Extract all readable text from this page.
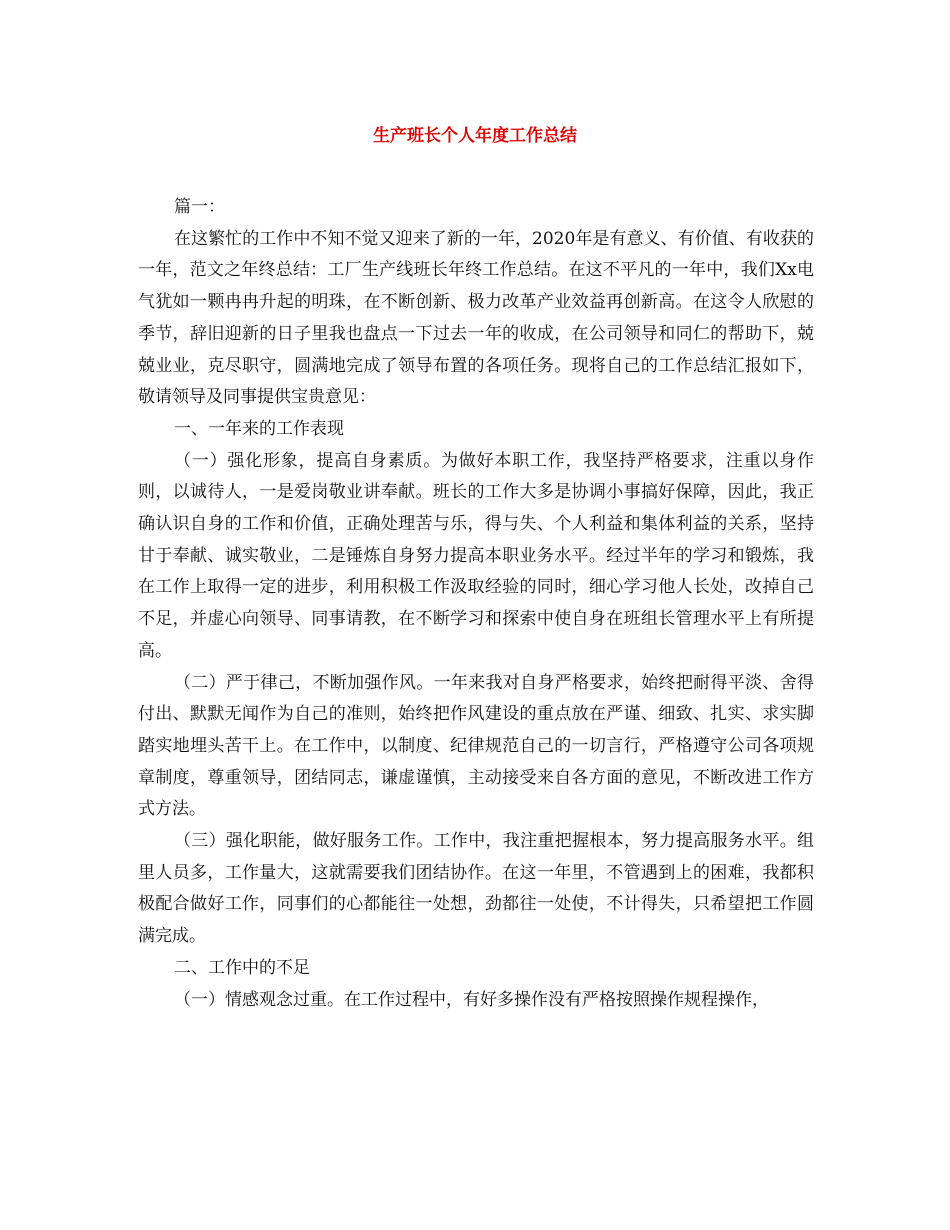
生产班长个人年度工作总结

篇一：

在这繁忙的工作中不知不觉又迎来了新的一年，2020年是有意义、有价值、有收获的一年，范文之年终总结：工厂生产线班长年终工作总结。在这不平凡的一年中，我们Xx电气犹如一颗冉冉升起的明珠，在不断创新、极力改革产业效益再创新高。在这令人欣慰的季节，辞旧迎新的日子里我也盘点一下过去一年的收成，在公司领导和同仁的帮助下，兢兢业业，克尽职守，圆满地完成了领导布置的各项任务。现将自己的工作总结汇报如下，敬请领导及同事提供宝贵意见：

一、一年来的工作表现

（一）强化形象，提高自身素质。为做好本职工作，我坚持严格要求，注重以身作则，以诚待人，一是爱岗敬业讲奉献。班长的工作大多是协调小事搞好保障，因此，我正确认识自身的工作和价值，正确处理苦与乐，得与失、个人利益和集体利益的关系，坚持甘于奉献、诚实敬业，二是锤炼自身努力提高本职业务水平。经过半年的学习和锻炼，我在工作上取得一定的进步，利用积极工作汲取经验的同时，细心学习他人长处，改掉自己不足，并虚心向领导、同事请教，在不断学习和探索中使自身在班组长管理水平上有所提高。

（二）严于律己，不断加强作风。一年来我对自身严格要求，始终把耐得平淡、舍得付出、默默无闻作为自己的准则，始终把作风建设的重点放在严谨、细致、扎实、求实脚踏实地埋头苦干上。在工作中，以制度、纪律规范自己的一切言行，严格遵守公司各项规章制度，尊重领导，团结同志，谦虚谨慎，主动接受来自各方面的意见，不断改进工作方式方法。

（三）强化职能，做好服务工作。工作中，我注重把握根本，努力提高服务水平。组里人员多，工作量大，这就需要我们团结协作。在这一年里，不管遇到上的困难，我都积极配合做好工作，同事们的心都能往一处想，劲都往一处使，不计得失，只希望把工作圆满完成。

二、工作中的不足

（一）情感观念过重。在工作过程中，有好多操作没有严格按照操作规程操作，
